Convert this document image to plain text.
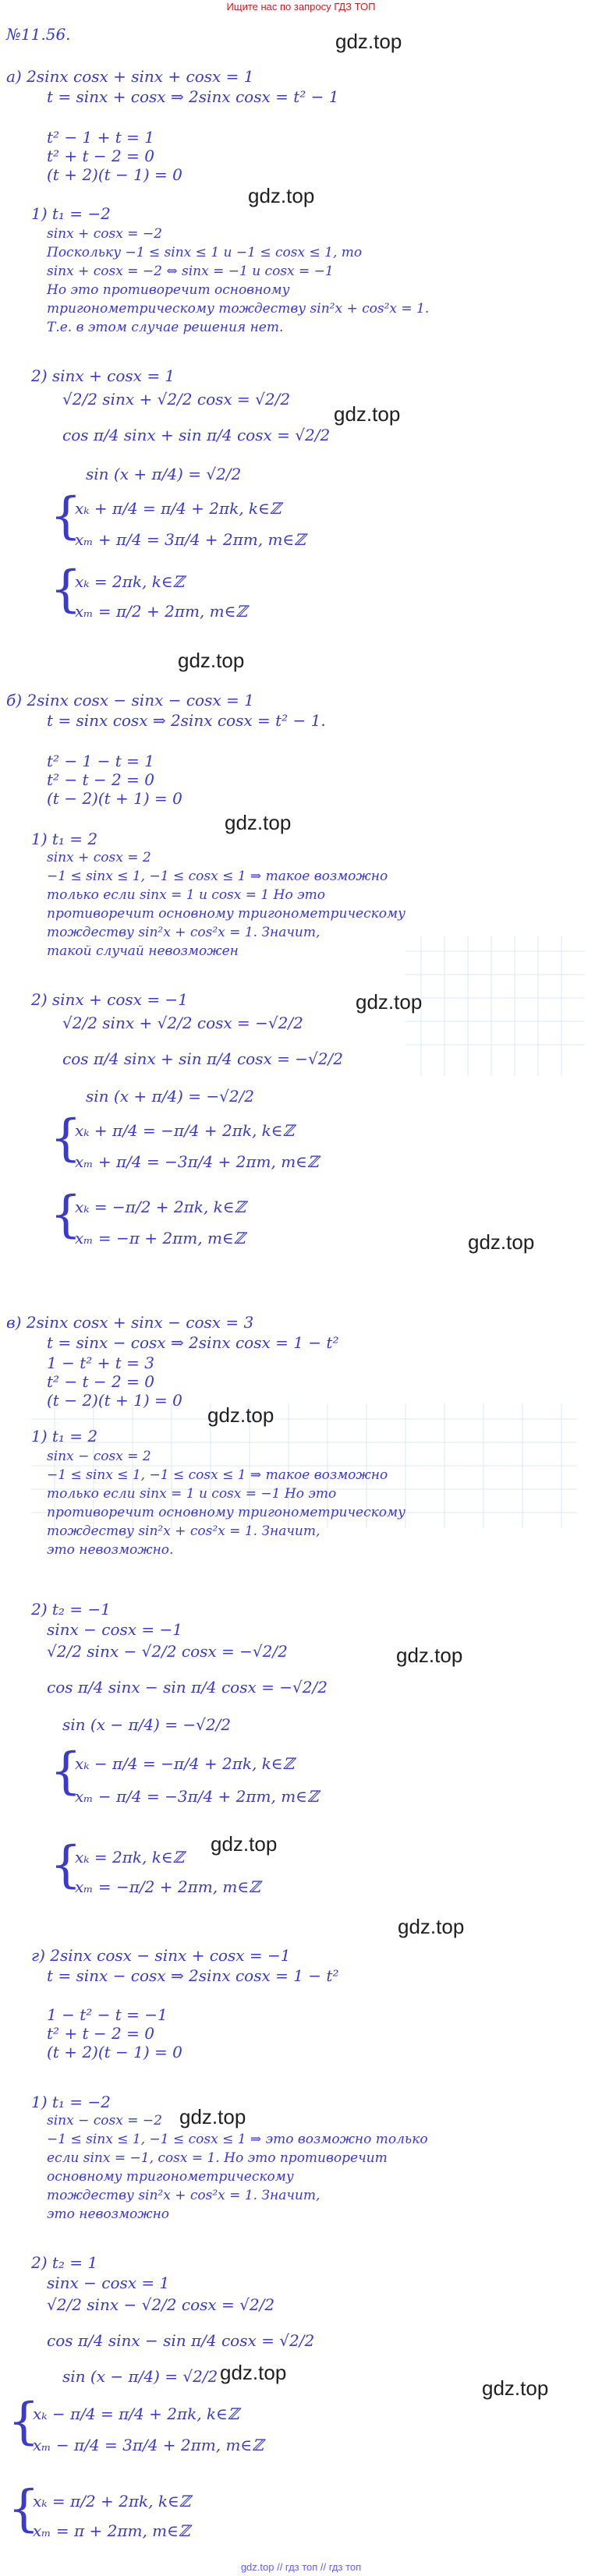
Ищите нас по запросу ГДЗ ТОП
gdz.top
gdz.top
gdz.top
gdz.top
gdz.top
gdz.top
gdz.top
gdz.top
gdz.top
gdz.top
gdz.top
gdz.top
gdz.top
gdz.top
№11.56.
а) 2sinx cosx + sinx + cosx = 1
t = sinx + cosx ⇒ 2sinx cosx = t² − 1
t² − 1 + t = 1
t² + t − 2 = 0
(t + 2)(t − 1) = 0
1) t₁ = −2
sinx + cosx = −2
Поскольку −1 ≤ sinx ≤ 1 и −1 ≤ cosx ≤ 1, то
sinx + cosx = −2 ⇔ sinx = −1 и cosx = −1
Но это противоречит основному
тригонометрическому тождеству sin²x + cos²x = 1.
Т.е. в этом случае решения нет.
2) sinx + cosx = 1
√2/2 sinx + √2/2 cosx = √2/2
cos π/4 sinx + sin π/4 cosx = √2/2
sin (x + π/4) = √2/2
{
xₖ + π/4 = π/4 + 2πk, k∈ℤ
xₘ + π/4 = 3π/4 + 2πm, m∈ℤ
{
xₖ = 2πk, k∈ℤ
xₘ = π/2 + 2πm, m∈ℤ
б) 2sinx cosx − sinx − cosx = 1
t = sinx cosx ⇒ 2sinx cosx = t² − 1.
t² − 1 − t = 1
t² − t − 2 = 0
(t − 2)(t + 1) = 0
1) t₁ = 2
sinx + cosx = 2
−1 ≤ sinx ≤ 1, −1 ≤ cosx ≤ 1 ⇒ такое возможно
только если sinx = 1 и cosx = 1 Но это
противоречит основному тригонометрическому
тождеству sin²x + cos²x = 1. Значит,
такой случай невозможен
2) sinx + cosx = −1
√2/2 sinx + √2/2 cosx = −√2/2
cos π/4 sinx + sin π/4 cosx = −√2/2
sin (x + π/4) = −√2/2
{
xₖ + π/4 = −π/4 + 2πk, k∈ℤ
xₘ + π/4 = −3π/4 + 2πm, m∈ℤ
{
xₖ = −π/2 + 2πk, k∈ℤ
xₘ = −π + 2πm, m∈ℤ
в) 2sinx cosx + sinx − cosx = 3
t = sinx − cosx ⇒ 2sinx cosx = 1 − t²
1 − t² + t = 3
t² − t − 2 = 0
(t − 2)(t + 1) = 0
1) t₁ = 2
sinx − cosx = 2
−1 ≤ sinx ≤ 1, −1 ≤ cosx ≤ 1 ⇒ такое возможно
только если sinx = 1 и cosx = −1 Но это
противоречит основному тригонометрическому
тождеству sin²x + cos²x = 1. Значит,
это невозможно.
2) t₂ = −1
sinx − cosx = −1
√2/2 sinx − √2/2 cosx = −√2/2
cos π/4 sinx − sin π/4 cosx = −√2/2
sin (x − π/4) = −√2/2
{
xₖ − π/4 = −π/4 + 2πk, k∈ℤ
xₘ − π/4 = −3π/4 + 2πm, m∈ℤ
{
xₖ = 2πk, k∈ℤ
xₘ = −π/2 + 2πm, m∈ℤ
г) 2sinx cosx − sinx + cosx = −1
t = sinx − cosx ⇒ 2sinx cosx = 1 − t²
1 − t² − t = −1
t² + t − 2 = 0
(t + 2)(t − 1) = 0
1) t₁ = −2
sinx − cosx = −2
−1 ≤ sinx ≤ 1, −1 ≤ cosx ≤ 1 ⇒ это возможно только
если sinx = −1, cosx = 1. Но это противоречит
основному тригонометрическому
тождеству sin²x + cos²x = 1. Значит,
это невозможно
2) t₂ = 1
sinx − cosx = 1
√2/2 sinx − √2/2 cosx = √2/2
cos π/4 sinx − sin π/4 cosx = √2/2
sin (x − π/4) = √2/2
{
xₖ − π/4 = π/4 + 2πk, k∈ℤ
xₘ − π/4 = 3π/4 + 2πm, m∈ℤ
{
xₖ = π/2 + 2πk, k∈ℤ
xₘ = π + 2πm, m∈ℤ
gdz.top // гдз топ // гдз топ
